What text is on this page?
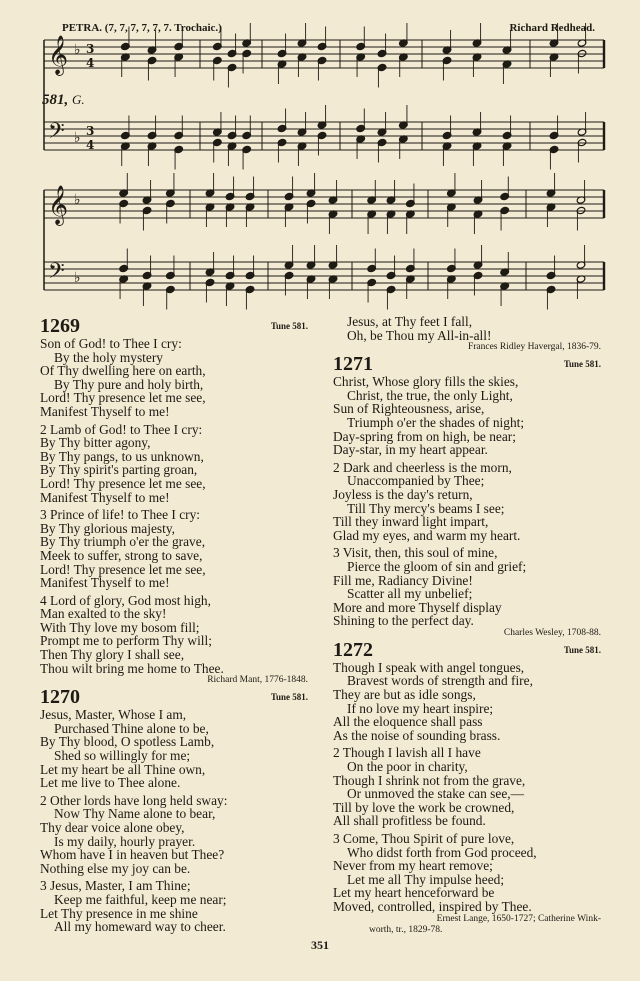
PETRA. (7, 7, 7, 7, 7, 7. Trochaic.)	Richard Redhead.
581, G.
𝄞 ♭ 3
4
𝄢 ♭ 3
4
𝄞 ♭
𝄢 ♭
1269	Tune 581.
Son of God! to Thee I cry:
By the holy mystery
Of Thy dwelling here on earth,
By Thy pure and holy birth,
Lord! Thy presence let me see,
Manifest Thyself to me!
2 Lamb of God! to Thee I cry:
By Thy bitter agony,
By Thy pangs, to us unknown,
By Thy spirit's parting groan,
Lord! Thy presence let me see,
Manifest Thyself to me!
3 Prince of life! to Thee I cry:
By Thy glorious majesty,
By Thy triumph o'er the grave,
Meek to suffer, strong to save,
Lord! Thy presence let me see,
Manifest Thyself to me!
4 Lord of glory, God most high,
Man exalted to the sky!
With Thy love my bosom fill;
Prompt me to perform Thy will;
Then Thy glory I shall see,
Thou wilt bring me home to Thee.
Richard Mant, 1776-1848.
1270	Tune 581.
Jesus, Master, Whose I am,
Purchased Thine alone to be,
By Thy blood, O spotless Lamb,
Shed so willingly for me;
Let my heart be all Thine own,
Let me live to Thee alone.
2 Other lords have long held sway:
Now Thy Name alone to bear,
Thy dear voice alone obey,
Is my daily, hourly prayer.
Whom have I in heaven but Thee?
Nothing else my joy can be.
3 Jesus, Master, I am Thine;
Keep me faithful, keep me near;
Let Thy presence in me shine
All my homeward way to cheer.
Jesus, at Thy feet I fall,
Oh, be Thou my All-in-all!
Frances Ridley Havergal, 1836-79.
1271	Tune 581.
Christ, Whose glory fills the skies,
Christ, the true, the only Light,
Sun of Righteousness, arise,
Triumph o'er the shades of night;
Day-spring from on high, be near;
Day-star, in my heart appear.
2 Dark and cheerless is the morn,
Unaccompanied by Thee;
Joyless is the day's return,
Till Thy mercy's beams I see;
Till they inward light impart,
Glad my eyes, and warm my heart.
3 Visit, then, this soul of mine,
Pierce the gloom of sin and grief;
Fill me, Radiancy Divine!
Scatter all my unbelief;
More and more Thyself display
Shining to the perfect day.
Charles Wesley, 1708-88.
1272	Tune 581.
Though I speak with angel tongues,
Bravest words of strength and fire,
They are but as idle songs,
If no love my heart inspire;
All the eloquence shall pass
As the noise of sounding brass.
2 Though I lavish all I have
On the poor in charity,
Though I shrink not from the grave,
Or unmoved the stake can see,—
Till by love the work be crowned,
All shall profitless be found.
3 Come, Thou Spirit of pure love,
Who didst forth from God proceed,
Never from my heart remove;
Let me all Thy impulse heed;
Let my heart henceforward be
Moved, controlled, inspired by Thee.
Ernest Lange, 1650-1727; Catherine Wink-
worth, tr., 1829-78.
351
